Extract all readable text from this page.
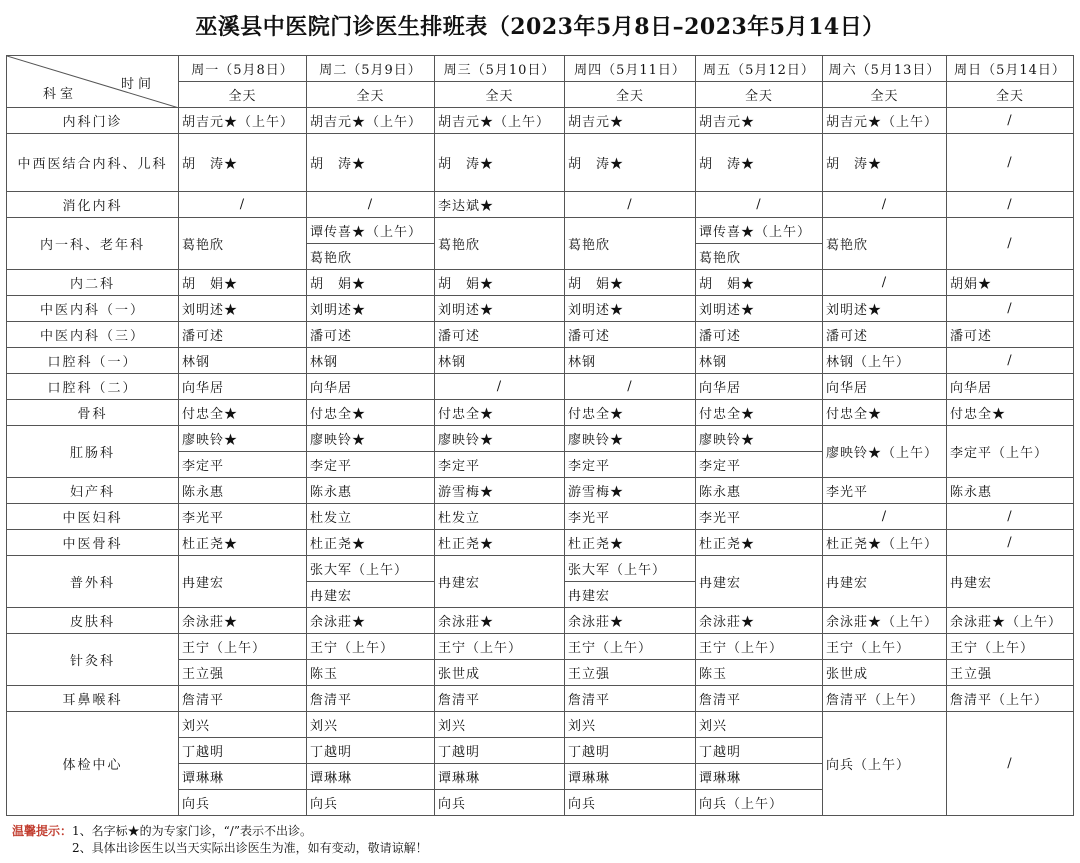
巫溪县中医院门诊医生排班表（2023年5月8日–2023年5月14日）
科室
时间	周一（5月8日）	周二（5月9日）	周三（5月10日）	周四（5月11日）	周五（5月12日）	周六（5月13日）	周日（5月14日）
	全天	全天	全天	全天	全天	全天	全天
内科门诊	胡吉元★（上午）	胡吉元★（上午）	胡吉元★（上午）	胡吉元★	胡吉元★	胡吉元★（上午）	/
中西医结合内科、儿科	胡　涛★	胡　涛★	胡　涛★	胡　涛★	胡　涛★	胡　涛★	/
消化内科	/	/	李达斌★	/	/	/	/
内一科、老年科	葛艳欣	谭传喜★（上午）	葛艳欣	葛艳欣	谭传喜★（上午）	葛艳欣	/
		葛艳欣			葛艳欣		
内二科	胡　娟★	胡　娟★	胡　娟★	胡　娟★	胡　娟★	/	胡娟★
中医内科（一）	刘明述★	刘明述★	刘明述★	刘明述★	刘明述★	刘明述★	/
中医内科（三）	潘可述	潘可述	潘可述	潘可述	潘可述	潘可述	潘可述
口腔科（一）	林钢	林钢	林钢	林钢	林钢	林钢（上午）	/
口腔科（二）	向华居	向华居	/	/	向华居	向华居	向华居
骨科	付忠全★	付忠全★	付忠全★	付忠全★	付忠全★	付忠全★	付忠全★
肛肠科	廖映铃★	廖映铃★	廖映铃★	廖映铃★	廖映铃★	廖映铃★（上午）	李定平（上午）
	李定平	李定平	李定平	李定平	李定平		
妇产科	陈永惠	陈永惠	游雪梅★	游雪梅★	陈永惠	李光平	陈永惠
中医妇科	李光平	杜发立	杜发立	李光平	李光平	/	/
中医骨科	杜正尧★	杜正尧★	杜正尧★	杜正尧★	杜正尧★	杜正尧★（上午）	/
普外科	冉建宏	张大军（上午）	冉建宏	张大军（上午）	冉建宏	冉建宏	冉建宏
		冉建宏		冉建宏			
皮肤科	余泳莊★	余泳莊★	余泳莊★	余泳莊★	余泳莊★	余泳莊★（上午）	余泳莊★（上午）
针灸科	王宁（上午）	王宁（上午）	王宁（上午）	王宁（上午）	王宁（上午）	王宁（上午）	王宁（上午）
	王立强	陈玉	张世成	王立强	陈玉	张世成	王立强
耳鼻喉科	詹清平	詹清平	詹清平	詹清平	詹清平	詹清平（上午）	詹清平（上午）
体检中心	刘兴	刘兴	刘兴	刘兴	刘兴	向兵（上午）	/
	丁越明	丁越明	丁越明	丁越明	丁越明		
	谭琳琳	谭琳琳	谭琳琳	谭琳琳	谭琳琳		
	向兵	向兵	向兵	向兵	向兵（上午）		
温馨提示：1、名字标★的为专家门诊，“/”表示不出诊。
2、具体出诊医生以当天实际出诊医生为准，如有变动，敬请谅解！
